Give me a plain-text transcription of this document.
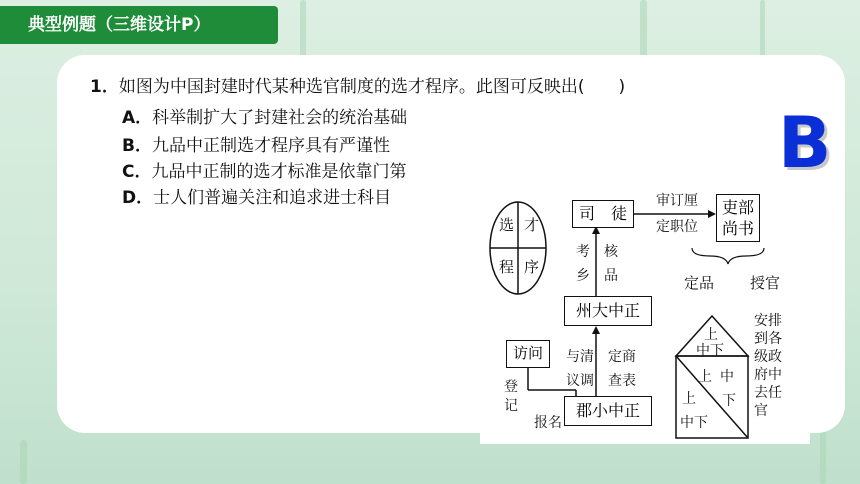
典型例题（三维设计P）
1．如图为中国封建时代某种选官制度的选才程序。此图可反映出(　　)
A．科举制扩大了封建社会的统治基础
B．九品中正制选才程序具有严谨性
C．九品中正制的选才标准是依靠门第
D．士人们普遍关注和追求进士科目
B
选 才
程 序
司　徒
审订厘
定职位
吏部
尚书
定品 授官
考乡
核品
州大中正
与清
议调
定商
查表
访问
登记
报名
郡小中正
上
中下
上 中
下
上
中下
安排到各级政府中去任官
